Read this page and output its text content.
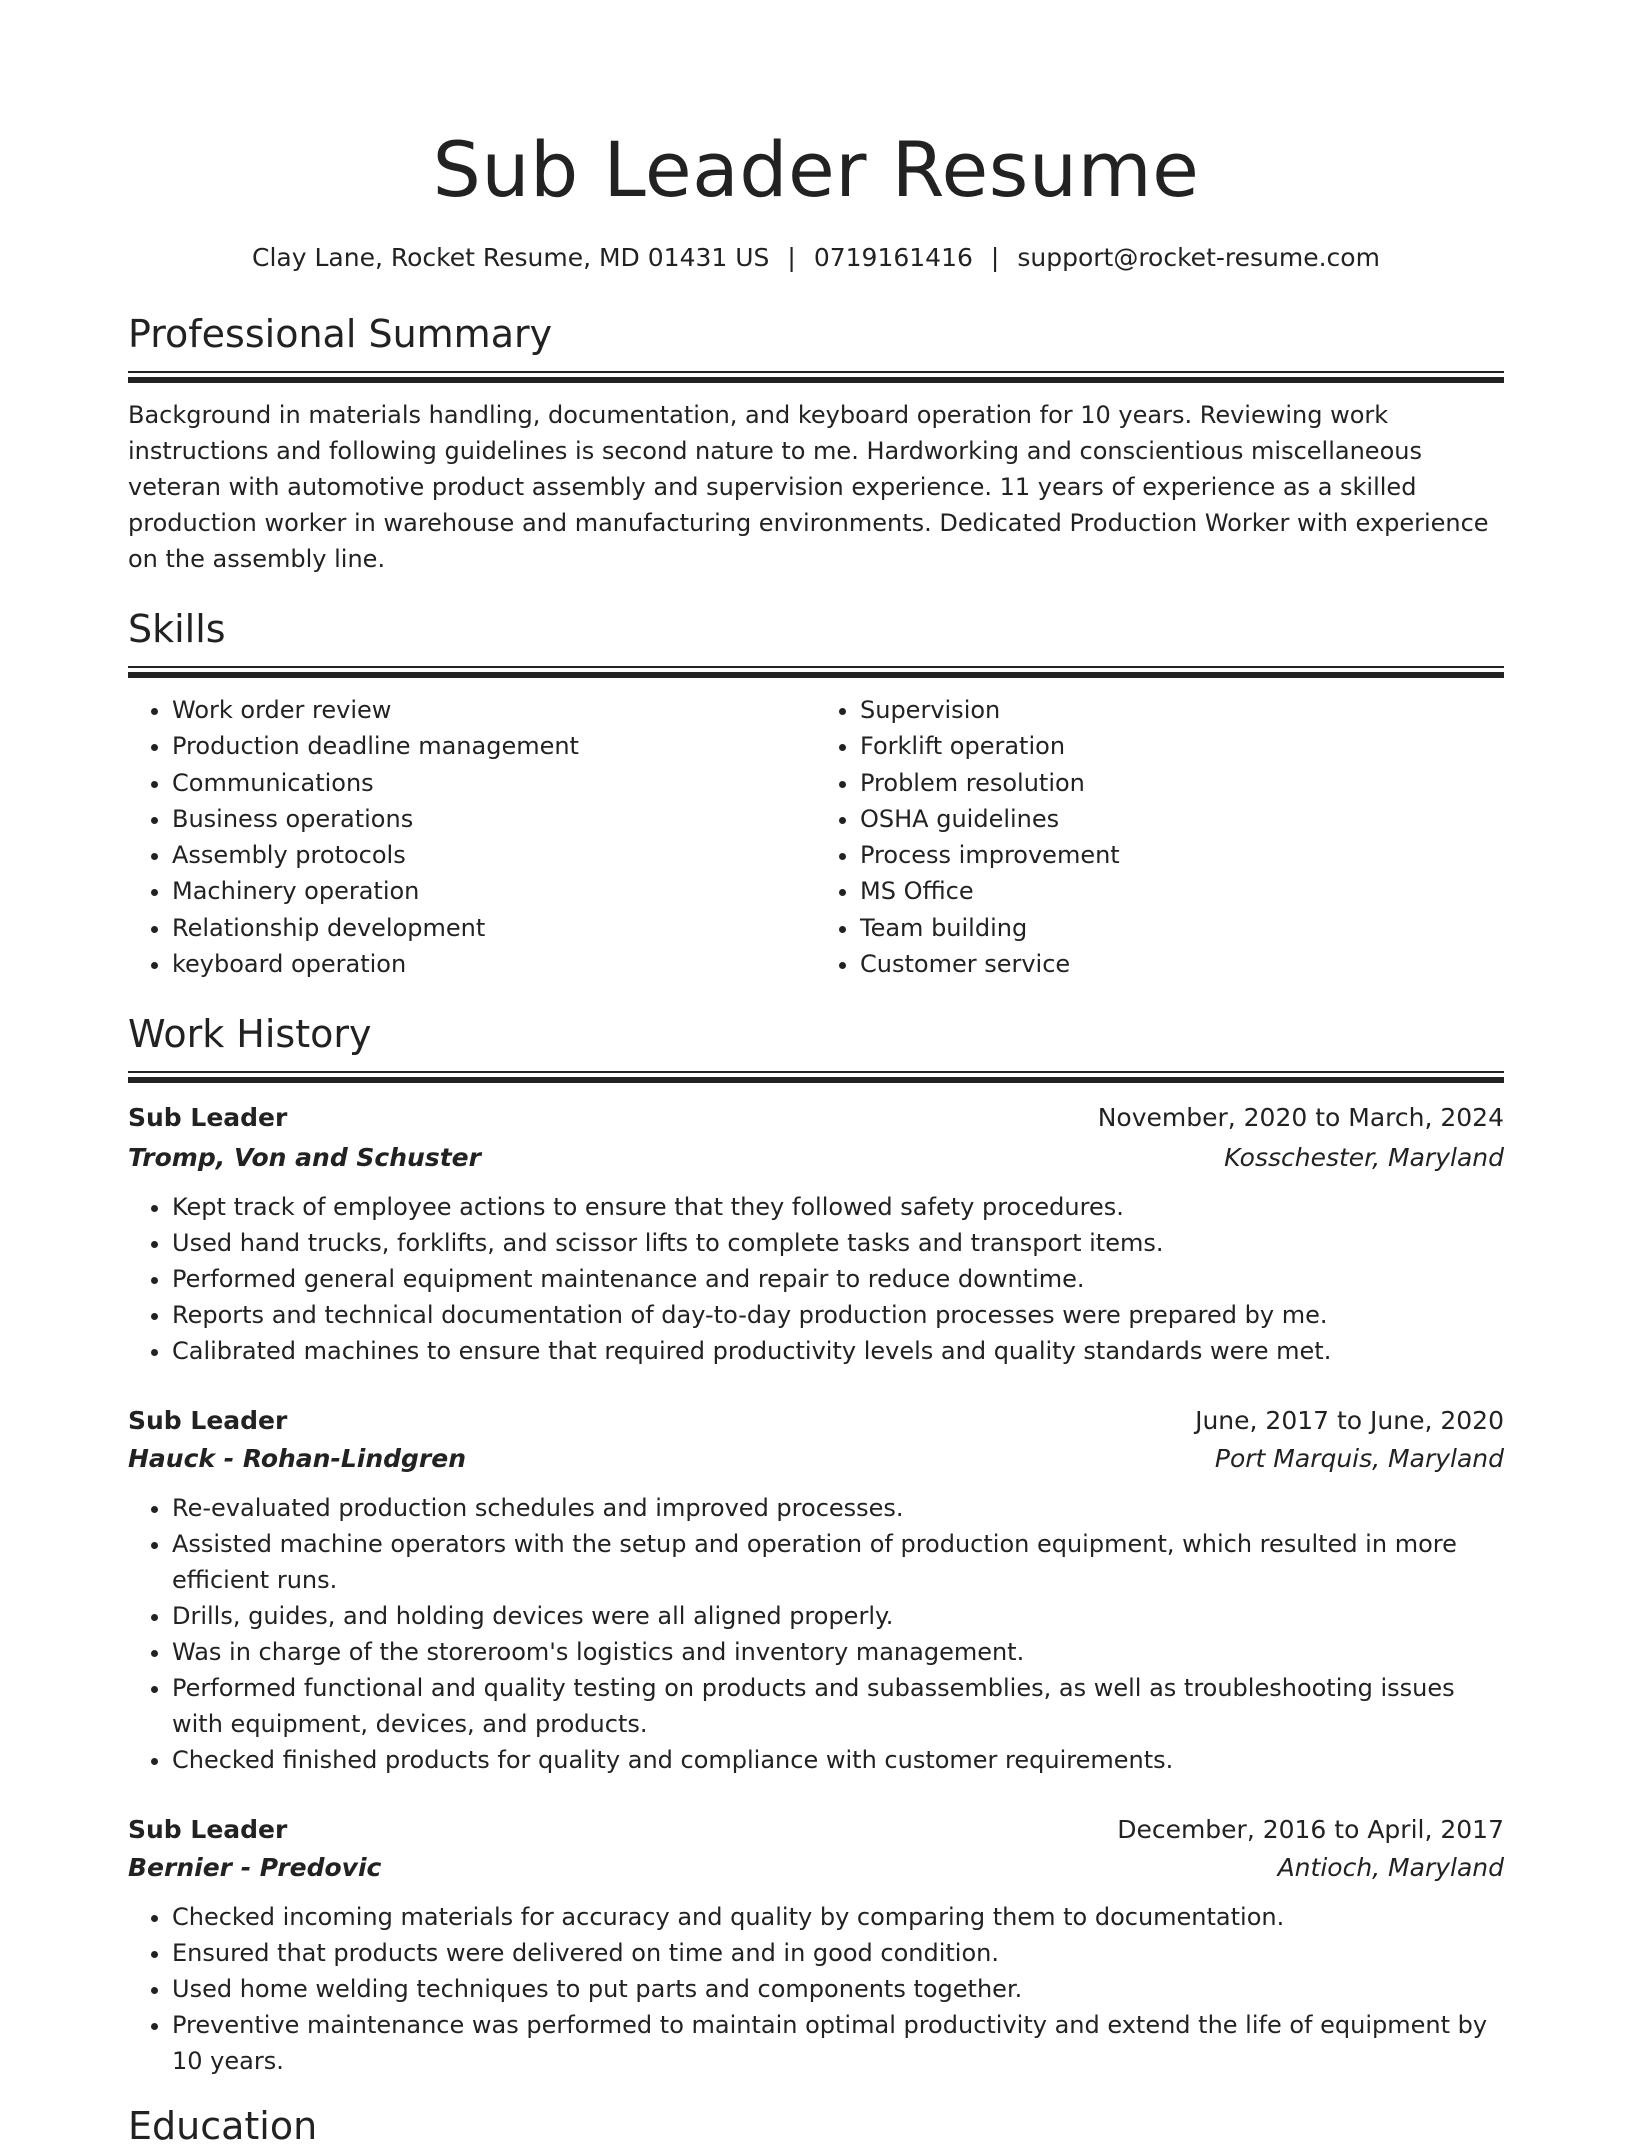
Sub Leader Resume
Clay Lane, Rocket Resume, MD 01431 US | 0719161416 | support@rocket-resume.com
Professional Summary
Background in materials handling, documentation, and keyboard operation for 10 years. Reviewing work instructions and following guidelines is second nature to me. Hardworking and conscientious miscellaneous veteran with automotive product assembly and supervision experience. 11 years of experience as a skilled production worker in warehouse and manufacturing environments. Dedicated Production Worker with experience on the assembly line.
Skills
• Work order review
• Production deadline management
• Communications
• Business operations
• Assembly protocols
• Machinery operation
• Relationship development
• keyboard operation
• Supervision
• Forklift operation
• Problem resolution
• OSHA guidelines
• Process improvement
• MS Office
• Team building
• Customer service
Work History
Sub Leader	November, 2020 to March, 2024
Tromp, Von and Schuster	Kosschester, Maryland
• Kept track of employee actions to ensure that they followed safety procedures.
• Used hand trucks, forklifts, and scissor lifts to complete tasks and transport items.
• Performed general equipment maintenance and repair to reduce downtime.
• Reports and technical documentation of day-to-day production processes were prepared by me.
• Calibrated machines to ensure that required productivity levels and quality standards were met.
Sub Leader	June, 2017 to June, 2020
Hauck - Rohan-Lindgren	Port Marquis, Maryland
• Re-evaluated production schedules and improved processes.
• Assisted machine operators with the setup and operation of production equipment, which resulted in more efficient runs.
• Drills, guides, and holding devices were all aligned properly.
• Was in charge of the storeroom's logistics and inventory management.
• Performed functional and quality testing on products and subassemblies, as well as troubleshooting issues with equipment, devices, and products.
• Checked finished products for quality and compliance with customer requirements.
Sub Leader	December, 2016 to April, 2017
Bernier - Predovic	Antioch, Maryland
• Checked incoming materials for accuracy and quality by comparing them to documentation.
• Ensured that products were delivered on time and in good condition.
• Used home welding techniques to put parts and components together.
• Preventive maintenance was performed to maintain optimal productivity and extend the life of equipment by 10 years.
Education
